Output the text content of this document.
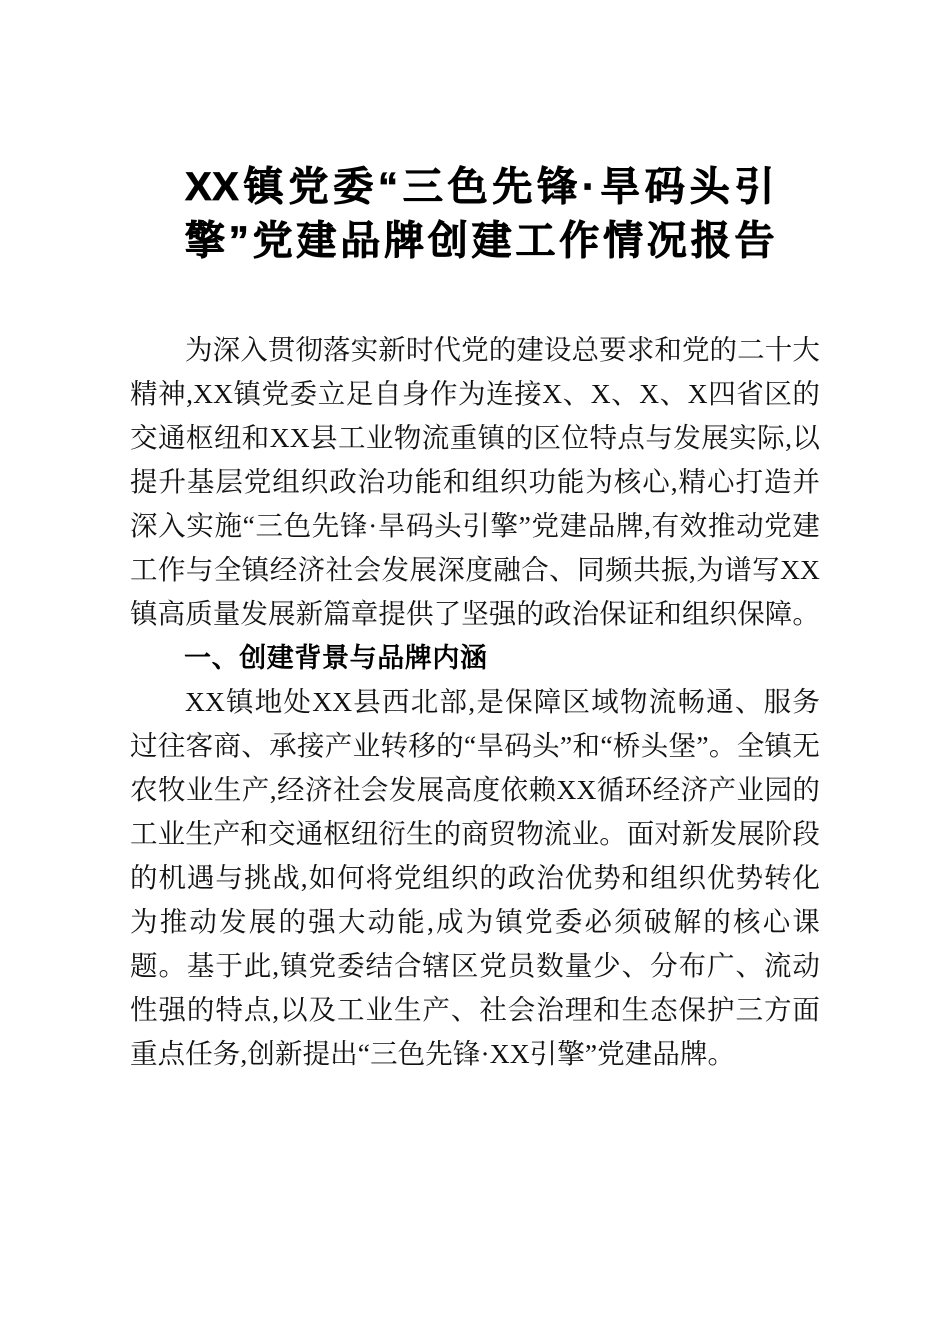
XX镇党委“三色先锋·旱码头引
擎”党建品牌创建工作情况报告

为深入贯彻落实新时代党的建设总要求和党的二十大精神,XX镇党委立足自身作为连接X、X、X、X四省区的交通枢纽和XX县工业物流重镇的区位特点与发展实际,以提升基层党组织政治功能和组织功能为核心,精心打造并深入实施“三色先锋·旱码头引擎”党建品牌,有效推动党建工作与全镇经济社会发展深度融合、同频共振,为谱写XX镇高质量发展新篇章提供了坚强的政治保证和组织保障。

一、创建背景与品牌内涵

XX镇地处XX县西北部,是保障区域物流畅通、服务过往客商、承接产业转移的“旱码头”和“桥头堡”。全镇无农牧业生产,经济社会发展高度依赖XX循环经济产业园的工业生产和交通枢纽衍生的商贸物流业。面对新发展阶段的机遇与挑战,如何将党组织的政治优势和组织优势转化为推动发展的强大动能,成为镇党委必须破解的核心课题。基于此,镇党委结合辖区党员数量少、分布广、流动性强的特点,以及工业生产、社会治理和生态保护三方面重点任务,创新提出“三色先锋·XX引擎”党建品牌。
